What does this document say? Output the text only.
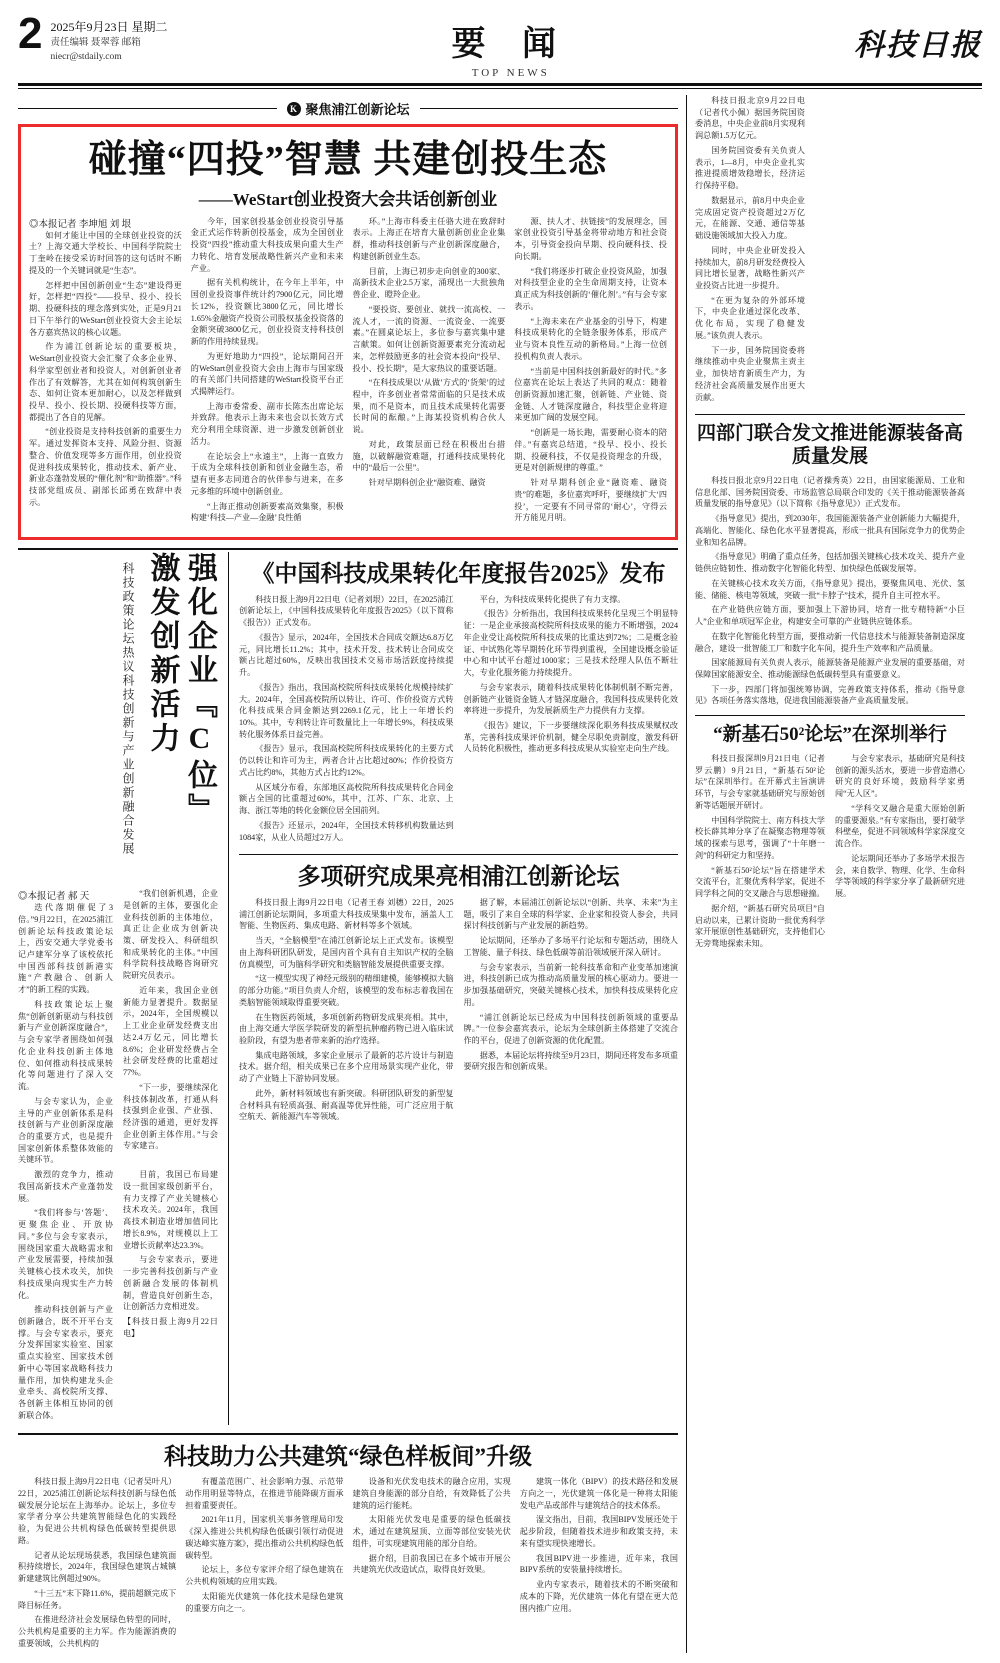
2 2025年9月23日 星期二
责任编辑 聂翠蓉 邮箱
niecr@stdaily.com	要 闻
TOP NEWS
科技日报
K 聚焦浦江创新论坛
碰撞“四投”智慧 共建创投生态
——WeStart创业投资大会共话创新创业
◎本报记者 李坤旭 刘 垠

如何才能让中国的全球创业投资的沃土？上海交通大学校长、中国科学院院士丁奎岭在接受采访时回答的这句话时不断提及的一个关键词就是“生态”。

怎样把中国创新创业“生态”建设得更好，怎样把“四投”——投早、投小、投长期、投硬科技的理念落到实处，正是9月21日下午举行的WeStart创业投资大会主论坛各方嘉宾热议的核心议题。

作为浦江创新论坛的重要板块，WeStart创业投资大会汇聚了众多企业界、科学家型创业者和投资人，对创新创业者作出了有效解答，尤其在如何构筑创新生态、如何让资本更加耐心，以及怎样做到投早、投小、投长期、投硬科技等方面，都提出了各自的见解。

“创业投资是支持科技创新的重要生力军。通过发挥资本支持、风险分担、资源整合、价值发现等多方面作用，创业投资促进科技成果转化，推动技术、新产业、新业态蓬勃发展的“催化剂”和“助推器”。”科技部党组成员、副部长邱勇在致辞中表示。

今年，国家创投基金创业投资引导基金正式运作转新创投基金，成为全国创业投资“四投”推动重大科技成果向重大生产力转化、培育发展战略性新兴产业和未来产业。

据有关机构统计，在今年上半年，中国创业投资事件统计约7900亿元，同比增长12%，投资额比3800亿元，同比增长1.65%金融资产投资公司股权基金投资落的金额突破3800亿元，创业投资支持科技创新的作用持续显现。

为更好地助力“四投”，论坛期间召开的WeStart创业投资大会由上海市与国家级的有关部门共同搭建的WeStart投资平台正式揭牌运行。

上海市委常委、副市长陈杰出席论坛并致辞。他表示上海未来也会以长效方式充分利用全球资源、进一步激发创新创业活力。

在论坛会上“永遠主”，上海一直致力于成为全球科技创新和创业金融生态，希望有更多志同道合的伙伴参与进来，在多元多维的环境中创新创业。

“上海正推动创新要素高效集聚，积极构建‘科技—产业—金融’良性循

环。”上海市科委主任骆大进在致辞时表示。上海正在培育大量创新创业企业集群，推动科技创新与产业创新深度融合，构建创新创业生态。

目前，上海已初步走向创业的300家、高新技术企业2.5万家，涌现出一大批独角兽企业、瞪羚企业。

“要投资、要创业、就找一流高校、一流人才，一流的资源、一流资金、一流要素。”在圆桌论坛上，多位参与嘉宾集中建言献策。如何让创新资源要素充分流动起来，怎样鼓励更多的社会资本投向“投早、投小、投长期”，是大家热议的重要话题。

“在科技成果以‘从做’方式的‘货架’的过程中，许多创业者常常面临的只是技术成果，而不是资本，而且技术成果转化需要长时间的酝酿。”上海某投资机构合伙人说。

对此，政策层面已经在积极出台措施，以破解融资难题，打通科技成果转化中的“最后一公里”。

针对早期科创企业“融资难、融资

源、扶人才、扶链接”的发展理念，国家创业投资引导基金将带动地方和社会资本，引导资金投向早期、投向硬科技、投向长期。

“我们将逐步打破企业投资风险，加强对科技型企业的全生命周期支持，让资本真正成为科技创新的‘催化剂’。”有与会专家表示。

“上海未来在产业基金的引导下，构建科技成果转化的全链条服务体系，形成产业与资本良性互动的新格局。”上海一位创投机构负责人表示。

“当前是中国科技创新最好的时代。”多位嘉宾在论坛上表达了共同的观点：随着创新资源加速汇聚，创新链、产业链、资金链、人才链深度融合，科技型企业将迎来更加广阔的发展空间。

“创新是一场长跑，需要耐心资本的陪伴。”有嘉宾总结道，“投早、投小、投长期、投硬科技，不仅是投资理念的升级，更是对创新规律的尊重。”

针对早期科创企业“融资难、融资贵”的难题，多位嘉宾呼吁，要继续扩大‘四投’，一定要有不同寻常的‘耐心’，守得云开方能见月明。

强化企业『C位』 激发创新活力
科技政策论坛热议科技创新与产业创新融合发展
◎本报记者 郝 天

迭代落期催促了3倍。”9月22日，在2025浦江创新论坛科技政策论坛上，西安交通大学党委书记卢建军分享了该校依托中国西部科技创新港实施“产教融合、创新人才”的新工程的实践。

科技政策论坛上聚焦“创新创新驱动与科技创新与产业创新深度融合”，与会专家学者围绕如何强化企业科技创新主体地位、如何推动科技成果转化等问题进行了深入交流。

与会专家认为，企业主导的产业创新体系是科技创新与产业创新深度融合的重要方式，也是提升国家创新体系整体效能的关键环节。

“我们创新机遇，企业是创新的主体，要强化企业科技创新的主体地位，真正让企业成为创新决策、研发投入、科研组织和成果转化的主体。”中国科学院科技战略咨询研究院研究员表示。

近年来，我国企业创新能力显著提升。数据显示，2024年，全国规模以上工业企业研发经费支出达2.4万亿元，同比增长8.6%；企业研发经费占全社会研发经费的比重超过77%。

“下一步，要继续深化科技体制改革，打通从科技强到企业强、产业强、经济强的通道，更好发挥企业创新主体作用。”与会专家建言。

激烈的竞争力，推动我国高新技术产业蓬勃发展。

“我们将参与‘答题’、更聚焦企业、开放协同。”多位与会专家表示，围绕国家重大战略需求和产业发展需要，持续加强关键核心技术攻关，加快科技成果向现实生产力转化。

推动科技创新与产业创新融合，既不开平台支撑。与会专家表示，要充分发挥国家实验室、国家重点实验室、国家技术创新中心等国家战略科技力量作用，加快构建龙头企业牵头、高校院所支撑、各创新主体相互协同的创新联合体。

目前，我国已布局建设一批国家级创新平台，有力支撑了产业关键核心技术攻关。2024年，我国高技术制造业增加值同比增长8.9%，对规模以上工业增长贡献率达23.3%。

与会专家表示，要进一步完善科技创新与产业创新融合发展的体制机制，营造良好创新生态，让创新活力竞相迸发。

【科技日报上海9月22日电】

《中国科技成果转化年度报告2025》发布

科技日报上海9月22日电（记者刘垠）22日，在2025浦江创新论坛上，《中国科技成果转化年度报告2025》（以下简称《报告》）正式发布。

《报告》显示，2024年，全国技术合同成交额达6.8万亿元，同比增长11.2%；其中，技术开发、技术转让合同成交额占比超过60%，反映出我国技术交易市场活跃度持续提升。

《报告》指出，我国高校院所科技成果转化规模持续扩大。2024年，全国高校院所以转让、许可、作价投资方式转化科技成果合同金额达到2269.1亿元，比上一年增长约10%。其中，专利转让许可数量比上一年增长9%，科技成果转化服务体系日益完善。

《报告》显示，我国高校院所科技成果转化的主要方式仍以转让和许可为主，两者合计占比超过80%；作价投资方式占比约8%，其他方式占比约12%。

从区域分布看，东部地区高校院所科技成果转化合同金额占全国的比重超过60%，其中，江苏、广东、北京、上海、浙江等地的转化金额位居全国前列。

《报告》还显示，2024年，全国技术转移机构数量达到1084家，从业人员超过2万人。

平台，为科技成果转化提供了有力支撑。

《报告》分析指出，我国科技成果转化呈现三个明显特征：一是企业承接高校院所科技成果的能力不断增强，2024年企业受让高校院所科技成果的比重达到72%；二是概念验证、中试熟化等早期转化环节得到重视，全国建设概念验证中心和中试平台超过1000家；三是技术经理人队伍不断壮大，专业化服务能力持续提升。

与会专家表示，随着科技成果转化体制机制不断完善，创新链产业链资金链人才链深度融合，我国科技成果转化效率将进一步提升，为发展新质生产力提供有力支撑。

《报告》建议，下一步要继续深化职务科技成果赋权改革，完善科技成果评价机制，健全尽职免责制度，激发科研人员转化积极性，推动更多科技成果从实验室走向生产线。

多项研究成果亮相浦江创新论坛

科技日报上海9月22日电（记者王春 刘穗）22日，2025浦江创新论坛期间，多项重大科技成果集中发布，涵盖人工智能、生物医药、集成电路、新材料等多个领域。

当天，“全脑模型”在浦江创新论坛上正式发布。该模型由上海科研团队研发，是国内首个具有自主知识产权的全脑仿真模型，可为脑科学研究和类脑智能发展提供重要支撑。

“这一模型实现了神经元级别的精细建模，能够模拟大脑的部分功能。”项目负责人介绍，该模型的发布标志着我国在类脑智能领域取得重要突破。

在生物医药领域，多项创新药物研发成果亮相。其中，由上海交通大学医学院研发的新型抗肿瘤药物已进入临床试验阶段，有望为患者带来新的治疗选择。

集成电路领域，多家企业展示了最新的芯片设计与制造技术。据介绍，相关成果已在多个应用场景实现产业化，带动了产业链上下游协同发展。

此外，新材料领域也有新突破。科研团队研发的新型复合材料具有轻质高强、耐高温等优异性能，可广泛应用于航空航天、新能源汽车等领域。

据了解，本届浦江创新论坛以“创新、共享、未来”为主题，吸引了来自全球的科学家、企业家和投资人参会，共同探讨科技创新与产业发展的新趋势。

论坛期间，还举办了多场平行论坛和专题活动，围绕人工智能、量子科技、绿色低碳等前沿领域展开深入研讨。

与会专家表示，当前新一轮科技革命和产业变革加速演进，科技创新已成为推动高质量发展的核心驱动力。要进一步加强基础研究，突破关键核心技术，加快科技成果转化应用。

“浦江创新论坛已经成为中国科技创新领域的重要品牌。”一位参会嘉宾表示，论坛为全球创新主体搭建了交流合作的平台，促进了创新资源的优化配置。

据悉，本届论坛将持续至9月23日，期间还将发布多项重要研究报告和创新成果。

科技助力公共建筑“绿色样板间”升级

科技日报上海9月22日电（记者吴叶凡）22日，2025浦江创新论坛科技创新与绿色低碳发展分论坛在上海举办。论坛上，多位专家学者分享公共建筑智能绿色化的实践经验，为促进公共机构绿色低碳转型提供思路。

记者从论坛现场获悉，我国绿色建筑面积持续增长，2024年，我国绿色建筑占城镇新建建筑比例超过90%。

“十三五”末下降11.6%，提前超额完成下降目标任务。

在推进经济社会发展绿色转型的同时，公共机构是重要的主力军。作为能源消费的重要领域，公共机构的

有覆盖范围广、社会影响力强、示范带动作用明显等特点，在推进节能降碳方面承担着重要责任。

2021年11月，国家机关事务管理局印发《深入推进公共机构绿色低碳引领行动促进碳达峰实施方案》，提出推动公共机构绿色低碳转型。

论坛上，多位专家评介绍了绿色建筑在公共机构领域的应用实践。

太阳能光伏建筑一体化技术是绿色建筑的重要方向之一。

设备和光伏发电技术的融合应用，实现建筑自身能源的部分自给，有效降低了公共建筑的运行能耗。

太阳能光伏发电是重要的绿色低碳技术，通过在建筑屋顶、立面等部位安装光伏组件，可实现建筑用能的部分自给。

据介绍，目前我国已在多个城市开展公共建筑光伏改造试点，取得良好效果。

建筑一体化（BIPV）的技术路径和发展方向之一，光伏建筑一体化是一种将太阳能发电产品或部件与建筑结合的技术体系。

湿文指出，目前，我国BIPV发展还处于起步阶段，但随着技术进步和政策支持，未来有望实现快速增长。

我国BIPV进一步推进，近年来，我国BIPV系统的安装量持续增长。

业内专家表示，随着技术的不断突破和成本的下降，光伏建筑一体化有望在更大范围内推广应用。

科技日报北京9月22日电（记者代小佩）据国务院国资委消息，中央企业前8月实现利润总额1.5万亿元。

国务院国资委有关负责人表示，1—8月，中央企业扎实推进提质增效稳增长，经济运行保持平稳。

数据显示，前8月中央企业完成固定资产投资超过2万亿元，在能源、交通、通信等基础设施领域加大投入力度。

同时，中央企业研发投入持续加大，前8月研发经费投入同比增长显著，战略性新兴产业投资占比进一步提升。

“在更为复杂的外部环境下，中央企业通过深化改革、优化布局，实现了稳健发展。”该负责人表示。

下一步，国务院国资委将继续推动中央企业聚焦主责主业，加快培育新质生产力，为经济社会高质量发展作出更大贡献。

四部门联合发文推进能源装备高质量发展

科技日报北京9月22日电（记者操秀英）22日，由国家能源局、工业和信息化部、国务院国资委、市场监管总局联合印发的《关于推动能源装备高质量发展的指导意见》（以下简称《指导意见》）正式发布。

《指导意见》提出，到2030年，我国能源装备产业创新能力大幅提升，高端化、智能化、绿色化水平显著提高，形成一批具有国际竞争力的优势企业和知名品牌。

《指导意见》明确了重点任务，包括加强关键核心技术攻关、提升产业链供应链韧性、推动数字化智能化转型、加快绿色低碳发展等。

在关键核心技术攻关方面，《指导意见》提出，要聚焦风电、光伏、氢能、储能、核电等领域，突破一批“卡脖子”技术，提升自主可控水平。

在产业链供应链方面，要加强上下游协同，培育一批专精特新“小巨人”企业和单项冠军企业，构建安全可靠的产业链供应链体系。

在数字化智能化转型方面，要推动新一代信息技术与能源装备制造深度融合，建设一批智能工厂和数字化车间，提升生产效率和产品质量。

国家能源局有关负责人表示，能源装备是能源产业发展的重要基础，对保障国家能源安全、推动能源绿色低碳转型具有重要意义。

下一步，四部门将加强统筹协调，完善政策支持体系，推动《指导意见》各项任务落实落地，促进我国能源装备产业高质量发展。

“新基石50²论坛”在深圳举行

科技日报深圳9月21日电（记者罗云鹏）9月21日，“新基石50²论坛”在深圳举行。在开幕式主旨演讲环节，与会专家就基础研究与原始创新等话题展开研讨。

中国科学院院士、南方科技大学校长薛其坤分享了在凝聚态物理等领域的探索与思考，强调了“十年磨一剑”的科研定力和坚持。

“新基石50²论坛”旨在搭建学术交流平台，汇聚优秀科学家，促进不同学科之间的交叉融合与思想碰撞。

据介绍，“新基石研究员项目”自启动以来，已累计资助一批优秀科学家开展原创性基础研究，支持他们心无旁骛地探索未知。

与会专家表示，基础研究是科技创新的源头活水，要进一步营造潜心研究的良好环境，鼓励科学家勇闯“无人区”。

“学科交叉融合是重大原始创新的重要源泉。”有专家指出，要打破学科壁垒，促进不同领域科学家深度交流合作。

论坛期间还举办了多场学术报告会，来自数学、物理、化学、生命科学等领域的科学家分享了最新研究进展。
